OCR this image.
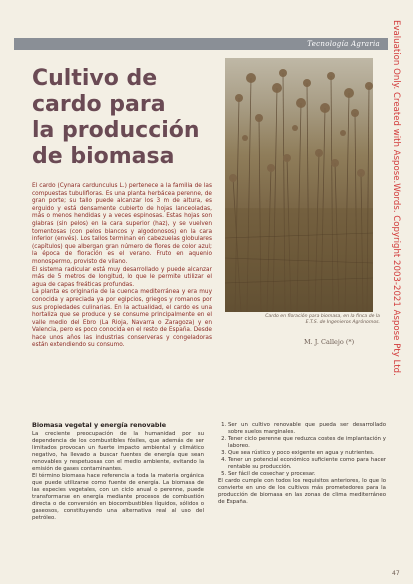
Tecnología Agraria
Cultivo de
cardo para
la producción
de biomasa

El cardo (Cynara cardunculus L.) pertenece a la familia de las compuestas tubulifloras. Es una planta herbácea perenne, de gran porte; su tallo puede alcanzar los 3 m de altura, es erguido y está densamente cubierto de hojas lanceoladas, más o menos hendidas y a veces espinosas. Estas hojas son glabras (sin pelos) en la cara superior (haz), y se vuelven tomentosas (con pelos blancos y algodonosos) en la cara inferior (envés). Los tallos terminan en cabezuelas globulares (capítulos) que albergan gran número de flores de color azul; la época de floración es el verano. Fruto en aquenio monospermo, provisto de vilano.

El sistema radicular está muy desarrollado y puede alcanzar más de 5 metros de longitud, lo que le permite utilizar el agua de capas freáticas profundas.

La planta es originaria de la cuenca mediterránea y era muy conocida y apreciada ya por egipcios, griegos y romanos por sus propiedades culinarias. En la actualidad, el cardo es una hortaliza que se produce y se consume principalmente en el valle medio del Ebro (La Rioja, Navarra o Zaragoza) y en Valencia, pero es poco conocida en el resto de España. Desde hace unos años las industrias conserveras y congeladoras están extendiendo su consumo.

Cardo en floración para biomasa, en la finca de la E.T.S. de Ingenieros Agrónomos.
M. J. Callejo (*)	Evaluation Only. Created with Aspose.Words. Copyright 2003-2021 Aspose Pty Ltd.
Biomasa vegetal y energía renovable

La creciente preocupación de la humanidad por su dependencia de los combustibles fósiles, que además de ser limitados provocan un fuerte impacto ambiental y climático negativo, ha llevado a buscar fuentes de energía que sean renovables y respetuosas con el medio ambiente, evitando la emisión de gases contaminantes.

El término biomasa hace referencia a toda la materia orgánica que puede utilizarse como fuente de energía. La biomasa de las especies vegetales, con un ciclo anual o perenne, puede transformarse en energía mediante procesos de combustión directa o de conversión en biocombustibles líquidos, sólidos o gaseosos, constituyendo una alternativa real al uso del petróleo.

1. Ser un cultivo renovable que pueda ser desarrollado sobre suelos marginales.
2. Tener ciclo perenne que reduzca costes de implantación y laboreo.
3. Que sea rústico y poco exigente en agua y nutrientes.
4. Tener un potencial económico suficiente como para hacer rentable su producción.
5. Ser fácil de cosechar y procesar.

El cardo cumple con todos los requisitos anteriores, lo que lo convierte en uno de los cultivos más prometedores para la producción de biomasa en las zonas de clima mediterráneo de España.

47
